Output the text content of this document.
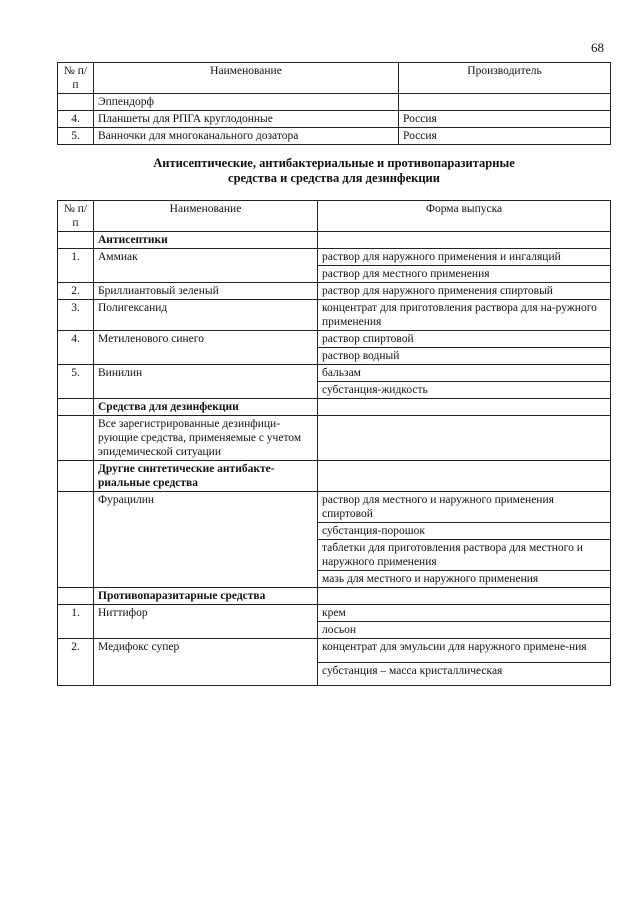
68
№ п/п	Наименование	Производитель
	Эппендорф	
4.	Планшеты для РПГА круглодонные	Россия
5.	Ванночки для многоканального дозатора	Россия
Антисептические, антибактериальные и противопаразитарные
средства и средства для дезинфекции
№ п/п	Наименование	Форма выпуска
	Антисептики	
1.	Аммиак	раствор для наружного применения и ингаляций
		раствор для местного применения
2.	Бриллиантовый зеленый	раствор для наружного применения спиртовый
3.	Полигексанид	концентрат для приготовления раствора для на-ружного применения
4.	Метиленового синего	раствор спиртовой
		раствор водный
5.	Винилин	бальзам
		субстанция-жидкость
	Средства для дезинфекции	
	Все зарегистрированные дезинфици-рующие средства, применяемые с учетом эпидемической ситуации	
	Другие синтетические антибакте-риальные средства	
	Фурацилин	раствор для местного и наружного применения спиртовой
		субстанция-порошок
		таблетки для приготовления раствора для местного и наружного применения
		мазь для местного и наружного применения
	Противопаразитарные средства	
1.	Ниттифор	крем
		лосьон
2.	Медифокс супер	концентрат для эмульсии для наружного примене-ния
		субстанция – масса кристаллическая
